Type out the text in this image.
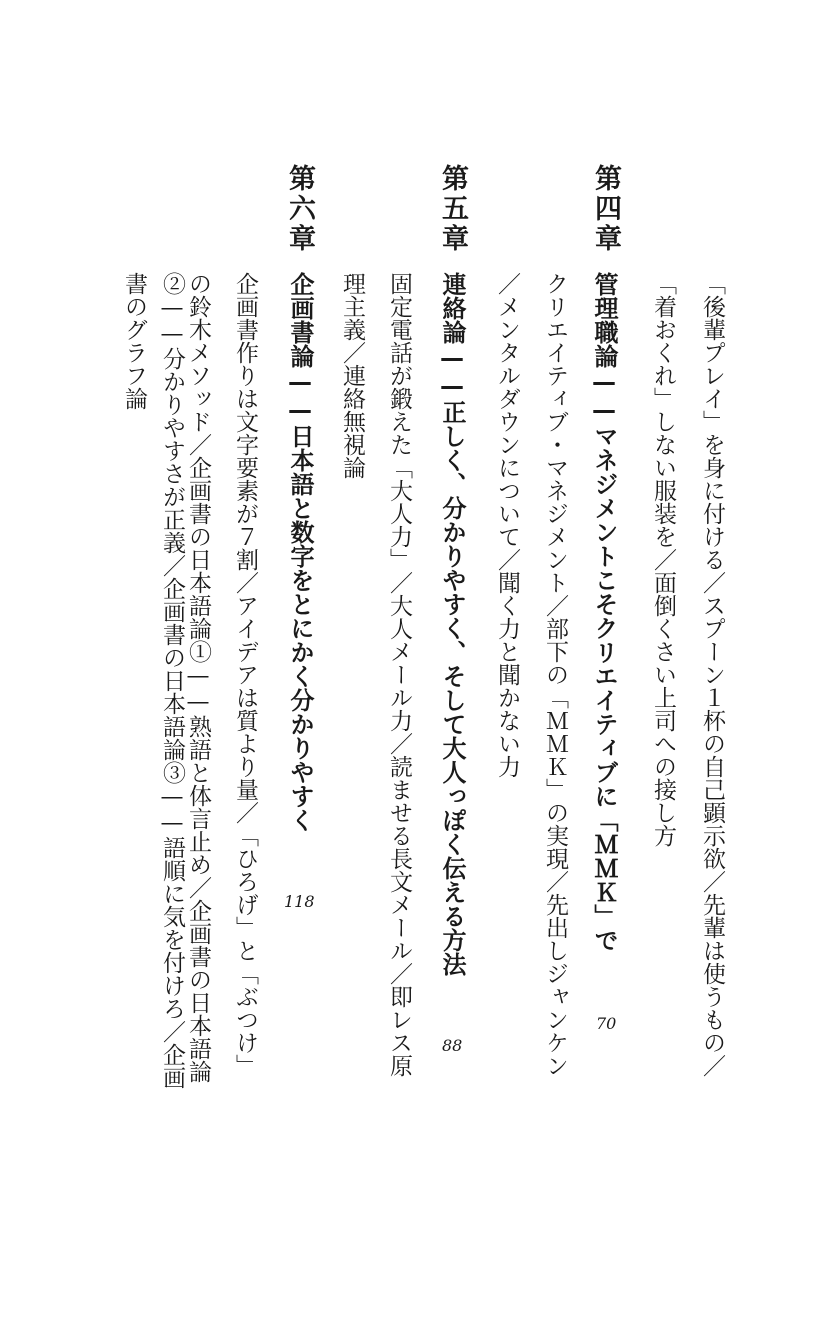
第四章
「後輩プレイ」を身に付ける／スプーン１杯の自己顕示欲／先輩は使うもの／
「着おくれ」しない服装を／面倒くさい上司への接し方
管理職論——マネジメントこそクリエイティブに「ＭＭＫ」で
70
クリエイティブ・マネジメント／部下の「ＭＭＫ」の実現／先出しジャンケン
／メンタルダウンについて／聞く力と聞かない力
第五章
連絡論——正しく、分かりやすく、そして大人っぽく伝える方法
88
固定電話が鍛えた「大人力」／大人メール力／読ませる長文メール／即レス原
理主義／連絡無視論
第六章
企画書論——日本語と数字をとにかく分かりやすく
118
企画書作りは文字要素が７割／アイデアは質より量／「ひろげ」と「ぶつけ」
の鈴木メソッド／企画書の日本語論①——熟語と体言止め／企画書の日本語論
②——分かりやすさが正義／企画書の日本語論③——語順に気を付けろ／企画
書のグラフ論
